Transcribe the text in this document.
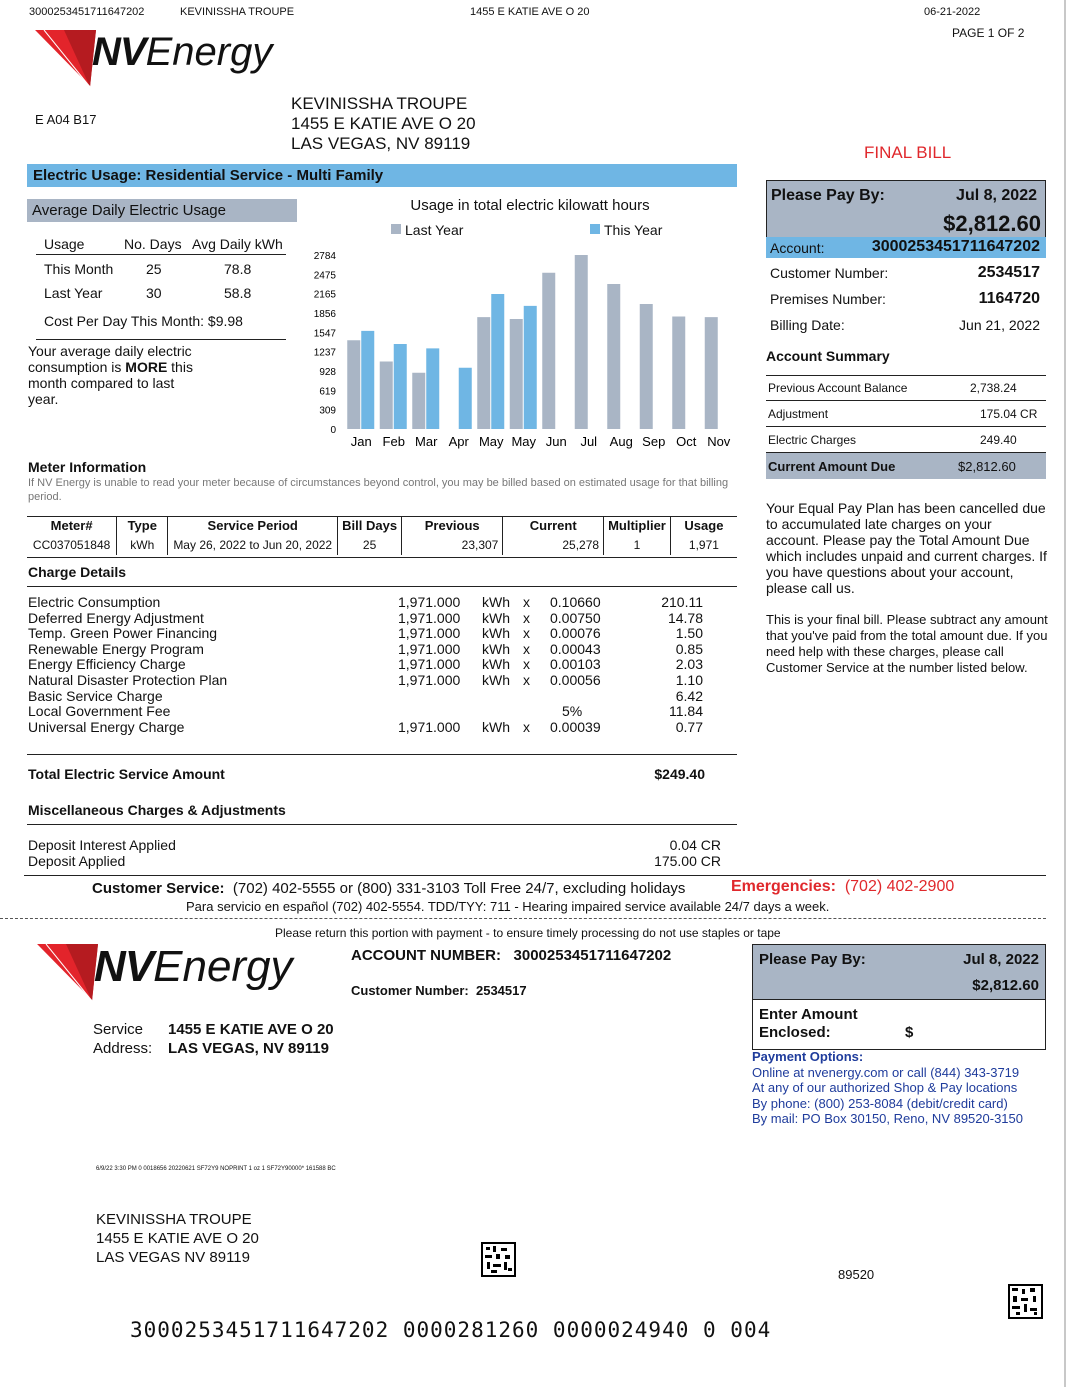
300025345171164720​2	KEVINISSHA TROUPE	1455 E KATIE AVE O 20	06-21-2022
PAGE 1 OF 2
NVEnergy
E A04 B17
KEVINISSHA TROUPE
1455 E KATIE AVE O 20
LAS VEGAS, NV 89119	FINAL BILL
Electric Usage: Residential Service - Multi Family
Average Daily Electric Usage
Usage	No. Days Avg Daily kWh
This Month 25	78.8
Last Year	30	58.8
Cost Per Day This Month: $9.98
Your average daily electric consumption is MORE this month compared to last year.
Usage in total electric kilowatt hours
Last Year	This Year
0
309
619
928
1237
1547
1856
2165
2475
2784
Jan Feb Mar Apr May May Jun Jul Aug Sep Oct Nov
Meter Information
If NV Energy is unable to read your meter because of circumstances beyond control, you may be billed based on estimated usage for that billing period.
Meter#	Type	Service Period	Bill Days	Previous	Current	Multiplier	Usage
CC037051848	kWh	May 26, 2022 to Jun 20, 2022	25	23,307	25,278	1	1,971
Charge Details
Electric Consumption	1,971.000 kWh x 0.10660	210.11
Deferred Energy Adjustment	1,971.000 kWh x 0.00750	14.78
Temp. Green Power Financing	1,971.000 kWh x 0.00076	1.50
Renewable Energy Program	1,971.000 kWh x 0.00043	0.85
Energy Efficiency Charge	1,971.000 kWh x 0.00103	2.03
Natural Disaster Protection Plan	1,971.000 kWh x 0.00056	1.10
Basic Service Charge	6.42
Local Government Fee	5%	11.84
Universal Energy Charge	1,971.000 kWh x 0.00039	0.77
Total Electric Service Amount	$249.40
Miscellaneous Charges & Adjustments
Deposit Interest Applied	0.04 CR
Deposit Applied	175.00 CR
Please Pay By:	Jul 8, 2022
$2,812.60
Account:	3000253451711647202
Customer Number:	2534517
Premises Number:	1164720
Billing Date:	Jun 21, 2022
Account Summary
Previous Account Balance	2,738.24
Adjustment	175.04 CR
Electric Charges	249.40
Current Amount Due	$2,812.60
Your Equal Pay Plan has been cancelled due to accumulated late charges on your account. Please pay the Total Amount Due which includes unpaid and current charges. If you have questions about your account, please call us.
This is your final bill. Please subtract any amount that you've paid from the total amount due. If you need help with these charges, please call Customer Service at the number listed below.
Customer Service: (702) 402-5555 or (800) 331-3103 Toll Free 24/7, excluding holidays	Emergencies: (702) 402-2900
Para servicio en español (702) 402-5554. TDD/TYY: 711 - Hearing impaired service available 24/7 days a week.
Please return this portion with payment - to ensure timely processing do not use staples or tape
NVEnergy	ACCOUNT NUMBER: 3000253451711647202
Customer Number: 2534517
Service
Address:
1455 E KATIE AVE O 20
LAS VEGAS, NV 89119
Please Pay By:	Jul 8, 2022
$2,812.60
Enter Amount
Enclosed:	$
Payment Options:
Online at nvenergy.com or call (844) 343-3719
At any of our authorized Shop & Pay locations
By phone: (800) 253-8084 (debit/credit card)
By mail: PO Box 30150, Reno, NV 89520-3150
6/9/22 3:30 PM 0 0018656 20220621 SF72Y9 NOPRINT 1 oz 1 SF72Y90000* 161588 BC
KEVINISSHA TROUPE
1455 E KATIE AVE O 20
LAS VEGAS NV 89119
89520
3000253451711647202 0000281260 0000024940 0 004
